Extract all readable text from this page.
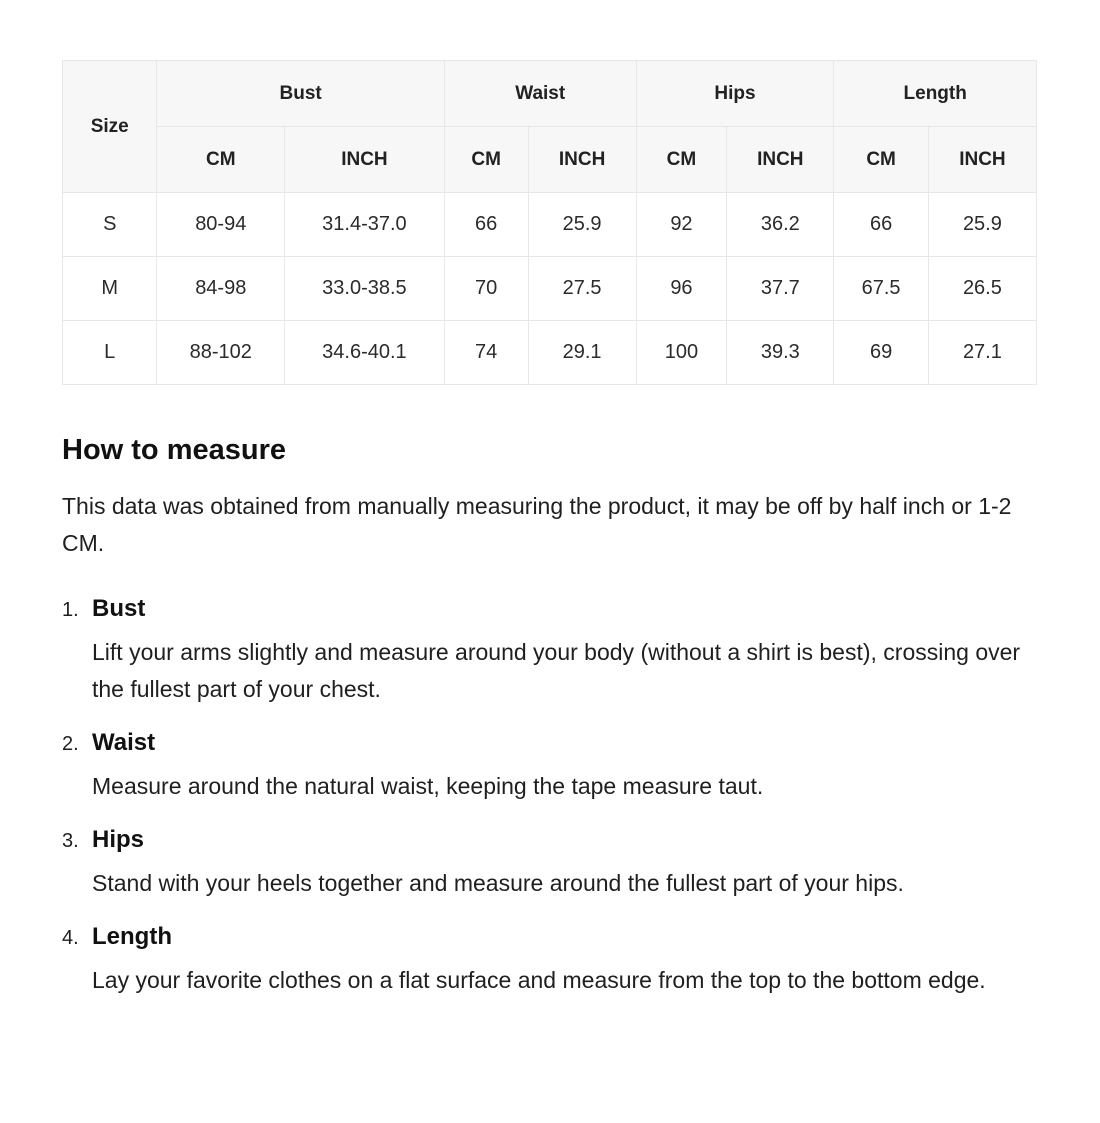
Size	Bust		Waist		Hips		Length	
	CM	INCH	CM	INCH	CM	INCH	CM	INCH
S	80-94	31.4-37.0	66	25.9	92	36.2	66	25.9
M	84-98	33.0-38.5	70	27.5	96	37.7	67.5	26.5
L	88-102	34.6-40.1	74	29.1	100	39.3	69	27.1
How to measure

This data was obtained from manually measuring the product, it may be off by half inch or 1-2 CM.

1. Bust

Lift your arms slightly and measure around your body (without a shirt is best), crossing over the fullest part of your chest.

2. Waist

Measure around the natural waist, keeping the tape measure taut.

3. Hips

Stand with your heels together and measure around the fullest part of your hips.

4. Length

Lay your favorite clothes on a flat surface and measure from the top to the bottom edge.
